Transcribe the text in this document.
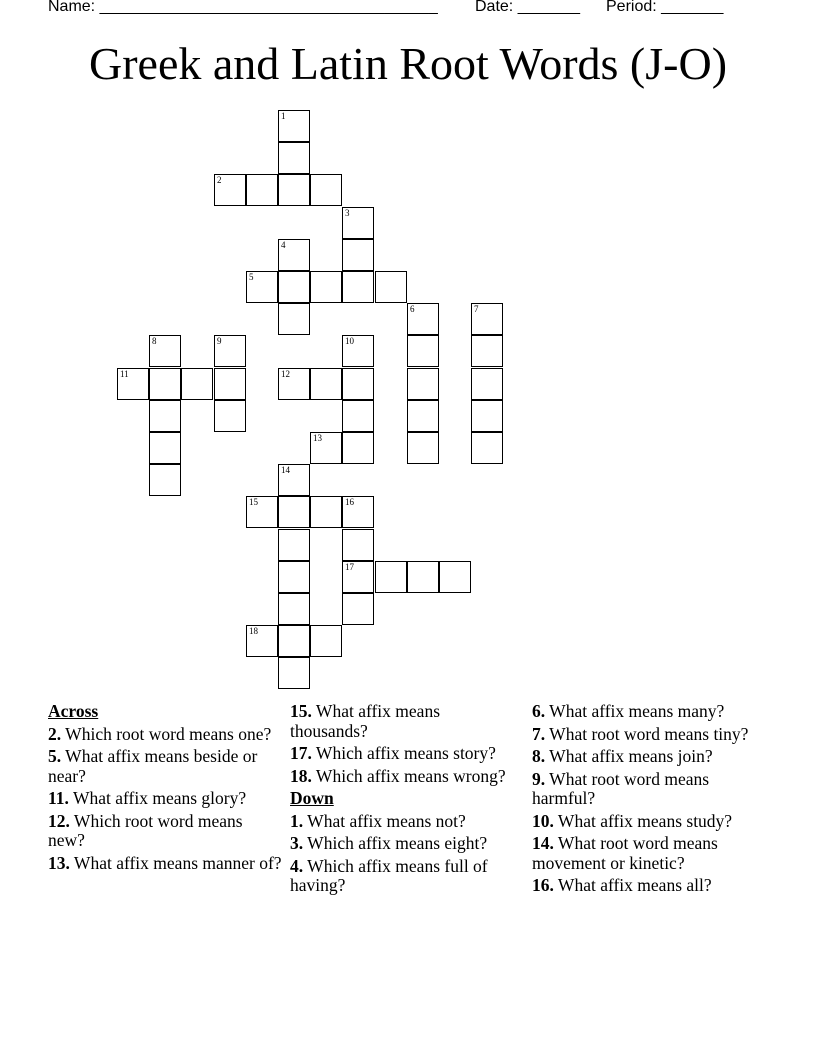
Name: ______________________________________ Date: _______ Period: _______
Greek and Latin Root Words (J-O)
1
2
3
4
5
6	7
8	9	10
11	12
13
14
15	16
17
18
Across
2. Which root word means one?
5. What affix means beside or near?
11. What affix means glory?
12. Which root word means new?
13. What affix means manner of?
15. What affix means thousands?
17. Which affix means story?
18. Which affix means wrong?
Down
1. What affix means not?
3. Which affix means eight?
4. Which affix means full of having?
6. What affix means many?
7. What root word means tiny?
8. What affix means join?
9. What root word means harmful?
10. What affix means study?
14. What root word means movement or kinetic?
16. What affix means all?
